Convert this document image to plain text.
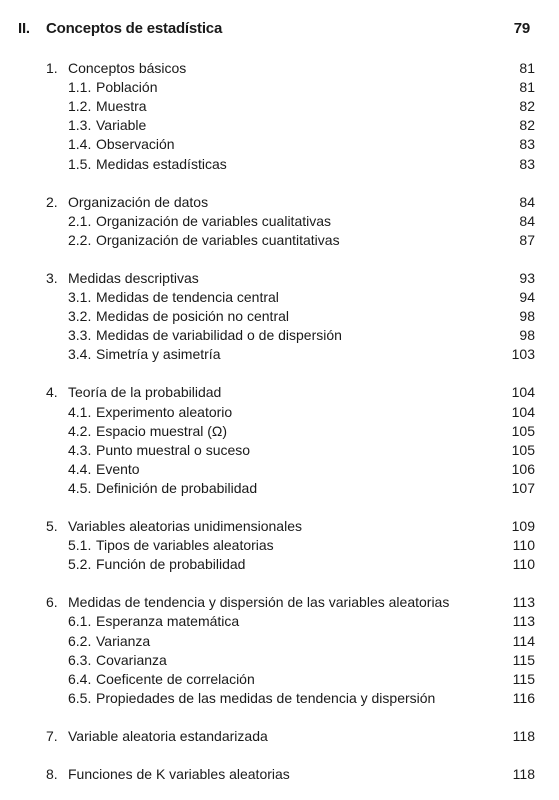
II. Conceptos de estadística	79
1. Conceptos básicos	81
1.1. Población	81
1.2. Muestra	82
1.3. Variable	82
1.4. Observación	83
1.5. Medidas estadísticas	83
2. Organización de datos	84
2.1. Organización de variables cualitativas	84
2.2. Organización de variables cuantitativas	87
3. Medidas descriptivas	93
3.1. Medidas de tendencia central	94
3.2. Medidas de posición no central	98
3.3. Medidas de variabilidad o de dispersión	98
3.4. Simetría y asimetría	103
4. Teoría de la probabilidad	104
4.1. Experimento aleatorio	104
4.2. Espacio muestral (Ω)	105
4.3. Punto muestral o suceso	105
4.4. Evento	106
4.5. Definición de probabilidad	107
5. Variables aleatorias unidimensionales	109
5.1. Tipos de variables aleatorias	110
5.2. Función de probabilidad	110
6. Medidas de tendencia y dispersión de las variables aleatorias	113
6.1. Esperanza matemática	113
6.2. Varianza	114
6.3. Covarianza	115
6.4. Coeficente de correlación	115
6.5. Propiedades de las medidas de tendencia y dispersión	116
7. Variable aleatoria estandarizada	118
8. Funciones de K variables aleatorias	118
